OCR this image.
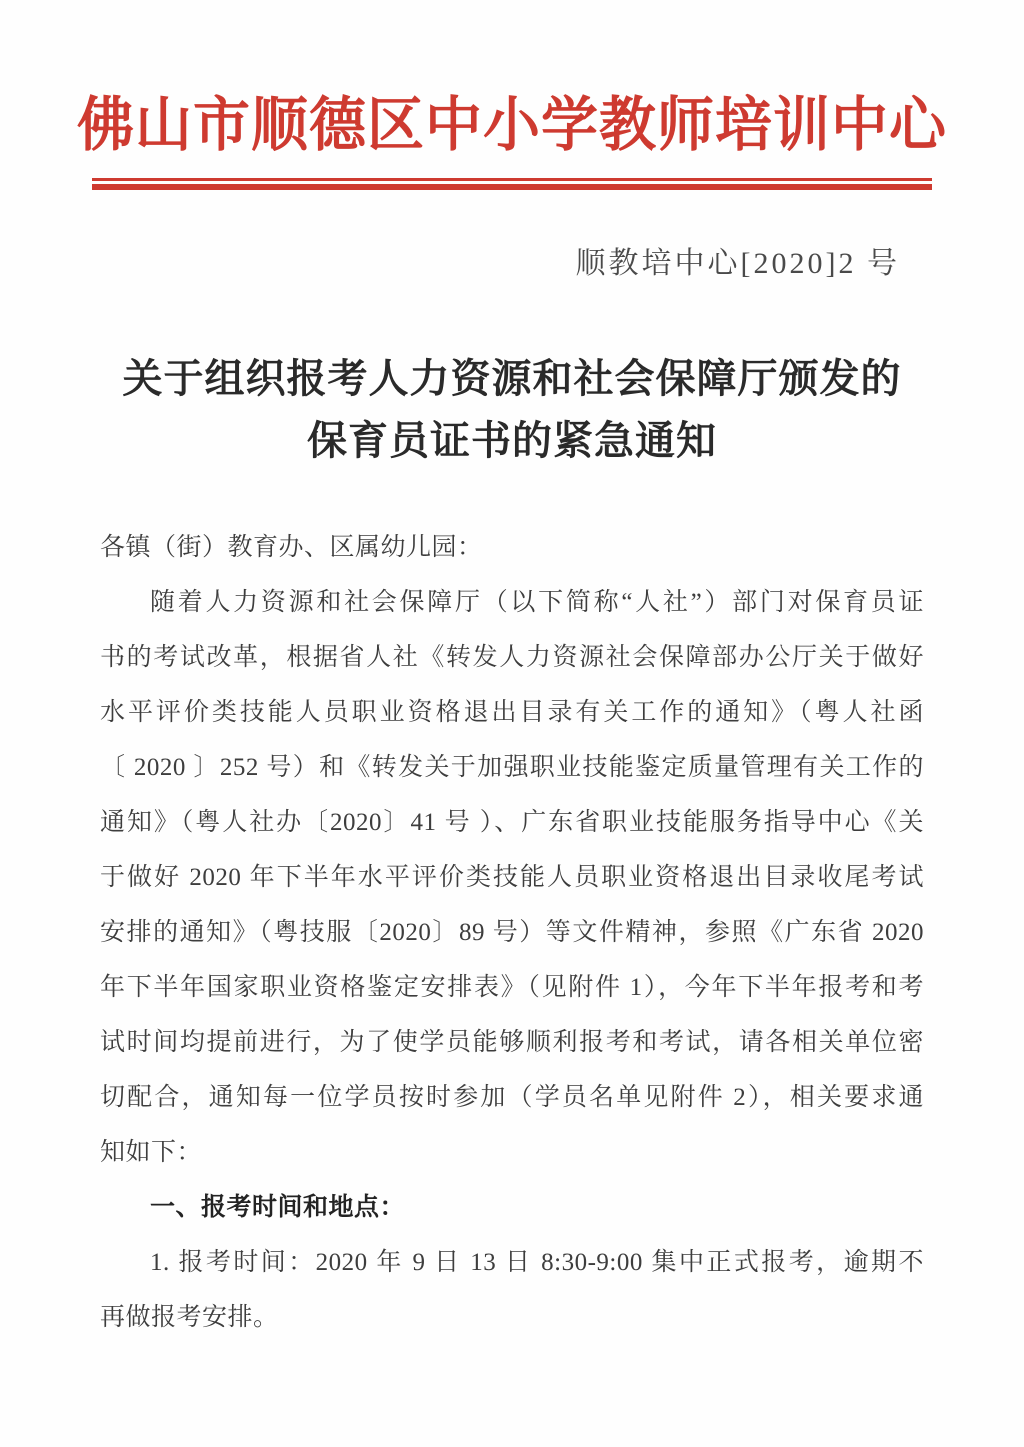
佛山市顺德区中小学教师培训中心
顺教培中心[2020]2 号
关于组织报考人力资源和社会保障厅颁发的
保育员证书的紧急通知
各镇（街）教育办、区属幼儿园：
随着人力资源和社会保障厅（以下简称“人社”）部门对保育员证
书的考试改革，根据省人社《转发人力资源社会保障部办公厅关于做好
水平评价类技能人员职业资格退出目录有关工作的通知》（粤人社函
〔 2020 〕252 号）和《转发关于加强职业技能鉴定质量管理有关工作的
通知》（粤人社办〔2020〕41 号 ）、广东省职业技能服务指导中心《关
于做好 2020 年下半年水平评价类技能人员职业资格退出目录收尾考试
安排的通知》（粤技服〔2020〕89 号）等文件精神，参照《广东省 2020
年下半年国家职业资格鉴定安排表》（见附件 1），今年下半年报考和考
试时间均提前进行，为了使学员能够顺利报考和考试，请各相关单位密
切配合，通知每一位学员按时参加（学员名单见附件 2），相关要求通
知如下：
一、报考时间和地点：
1. 报考时间：2020 年 9 日 13 日 8:30-9:00 集中正式报考，逾期不
再做报考安排。
